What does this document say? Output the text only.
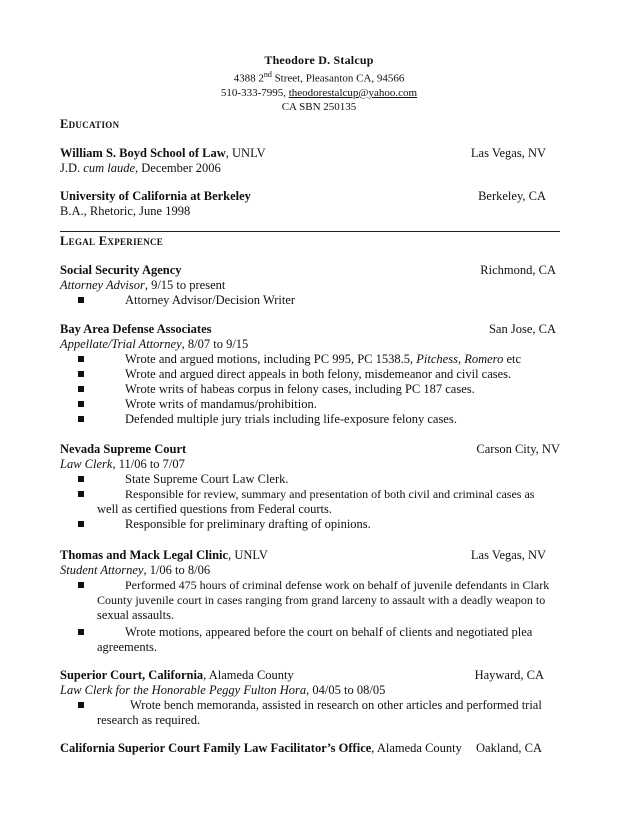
Theodore D. Stalcup
4388 2nd Street, Pleasanton CA, 94566
510-333-7995, theodorestalcup@yahoo.com
CA SBN 250135
Education
William S. Boyd School of Law, UNLV	Las Vegas, NV
J.D. cum laude, December 2006
University of California at Berkeley	Berkeley, CA
B.A., Rhetoric, June 1998
Legal Experience
Social Security Agency	Richmond, CA
Attorney Advisor, 9/15 to present
Attorney Advisor/Decision Writer
Bay Area Defense Associates	San Jose, CA
Appellate/Trial Attorney, 8/07 to 9/15
Wrote and argued motions, including PC 995, PC 1538.5, Pitchess, Romero etc
Wrote and argued direct appeals in both felony, misdemeanor and civil cases.
Wrote writs of habeas corpus in felony cases, including PC 187 cases.
Wrote writs of mandamus/prohibition.
Defended multiple jury trials including life-exposure felony cases.
Nevada Supreme Court	Carson City, NV
Law Clerk, 11/06 to 7/07
State Supreme Court Law Clerk.
Responsible for review, summary and presentation of both civil and criminal cases as
well as certified questions from Federal courts.
Responsible for preliminary drafting of opinions.
Thomas and Mack Legal Clinic, UNLV	Las Vegas, NV
Student Attorney, 1/06 to 8/06
Performed 475 hours of criminal defense work on behalf of juvenile defendants in Clark
County juvenile court in cases ranging from grand larceny to assault with a deadly weapon to
sexual assaults.
Wrote motions, appeared before the court on behalf of clients and negotiated plea
agreements.
Superior Court, California, Alameda County	Hayward, CA
Law Clerk for the Honorable Peggy Fulton Hora, 04/05 to 08/05
Wrote bench memoranda, assisted in research on other articles and performed trial
research as required.
California Superior Court Family Law Facilitator’s Office, Alameda County Oakland, CA
